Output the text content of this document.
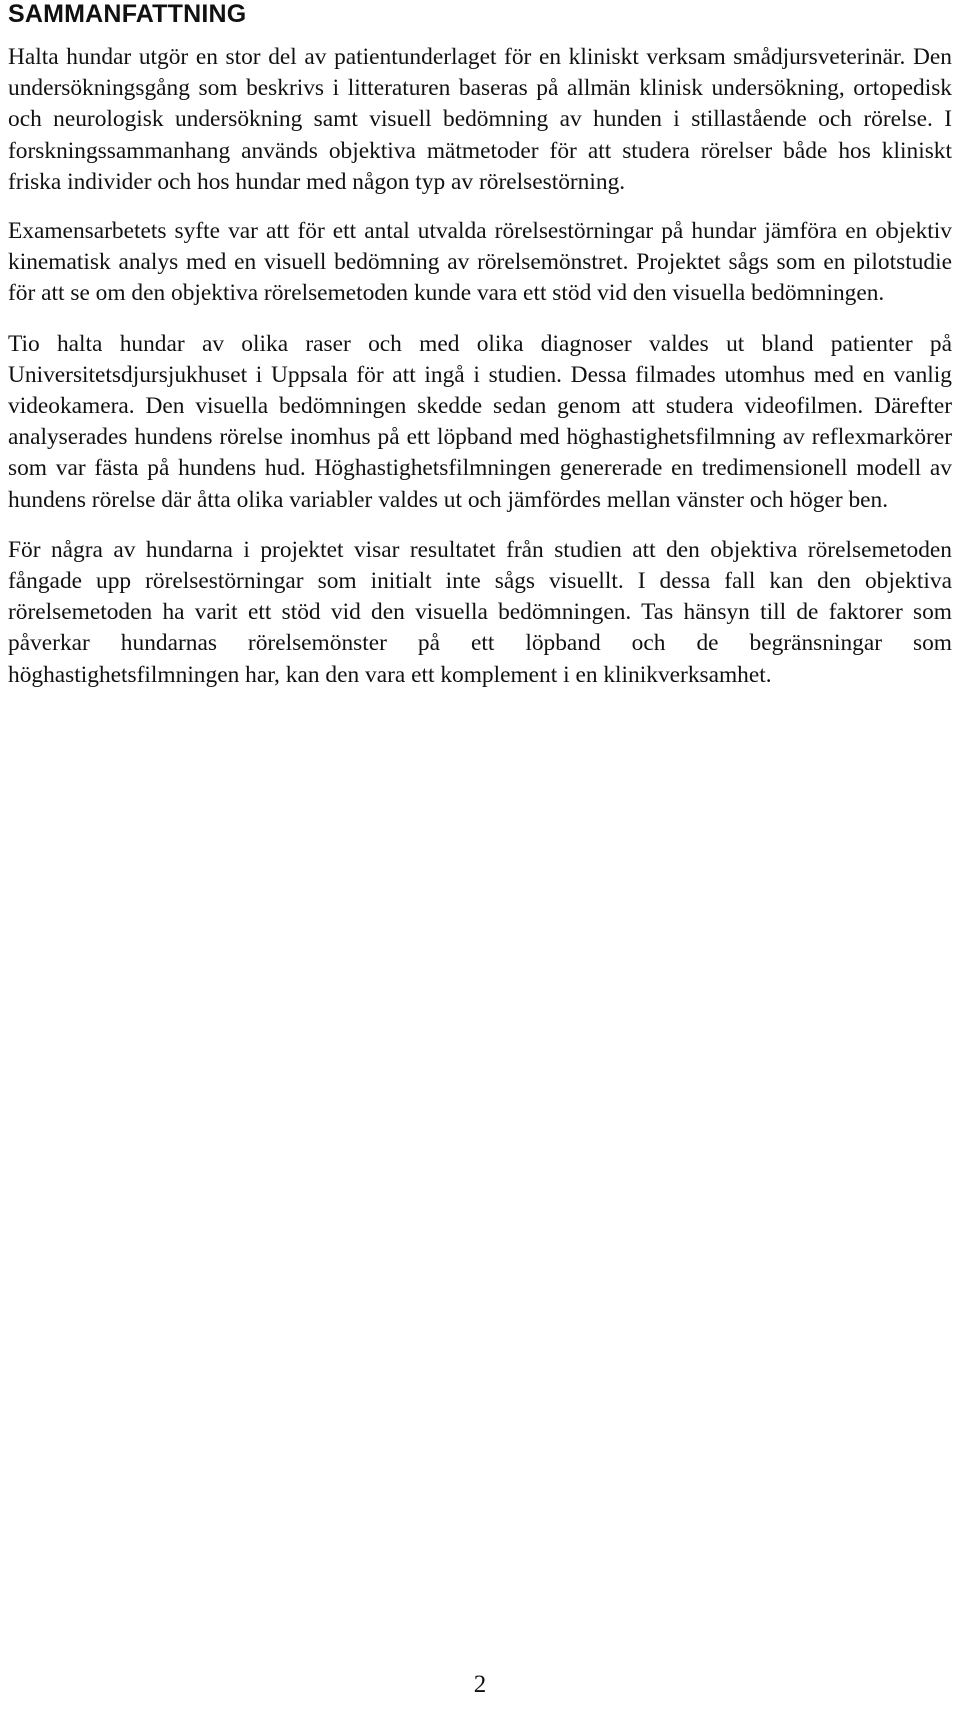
SAMMANFATTNING

Halta hundar utgör en stor del av patientunderlaget för en kliniskt verksam smådjursveterinär. Den undersökningsgång som beskrivs i litteraturen baseras på allmän klinisk undersökning, ortopedisk och neurologisk undersökning samt visuell bedömning av hunden i stillastående och rörelse. I forskningssammanhang används objektiva mätmetoder för att studera rörelser både hos kliniskt friska individer och hos hundar med någon typ av rörelsestörning.

Examensarbetets syfte var att för ett antal utvalda rörelsestörningar på hundar jämföra en objektiv kinematisk analys med en visuell bedömning av rörelsemönstret. Projektet sågs som en pilotstudie för att se om den objektiva rörelsemetoden kunde vara ett stöd vid den visuella bedömningen.

Tio halta hundar av olika raser och med olika diagnoser valdes ut bland patienter på Universitetsdjursjukhuset i Uppsala för att ingå i studien. Dessa filmades utomhus med en vanlig videokamera. Den visuella bedömningen skedde sedan genom att studera videofilmen. Därefter analyserades hundens rörelse inomhus på ett löpband med höghastighetsfilmning av reflexmarkörer som var fästa på hundens hud. Höghastighetsfilmningen genererade en tredimensionell modell av hundens rörelse där åtta olika variabler valdes ut och jämfördes mellan vänster och höger ben.

För några av hundarna i projektet visar resultatet från studien att den objektiva rörelsemetoden fångade upp rörelsestörningar som initialt inte sågs visuellt. I dessa fall kan den objektiva rörelsemetoden ha varit ett stöd vid den visuella bedömningen. Tas hänsyn till de faktorer som påverkar hundarnas rörelsemönster på ett löpband och de begränsningar som höghastighetsfilmningen har, kan den vara ett komplement i en klinikverksamhet.

2
